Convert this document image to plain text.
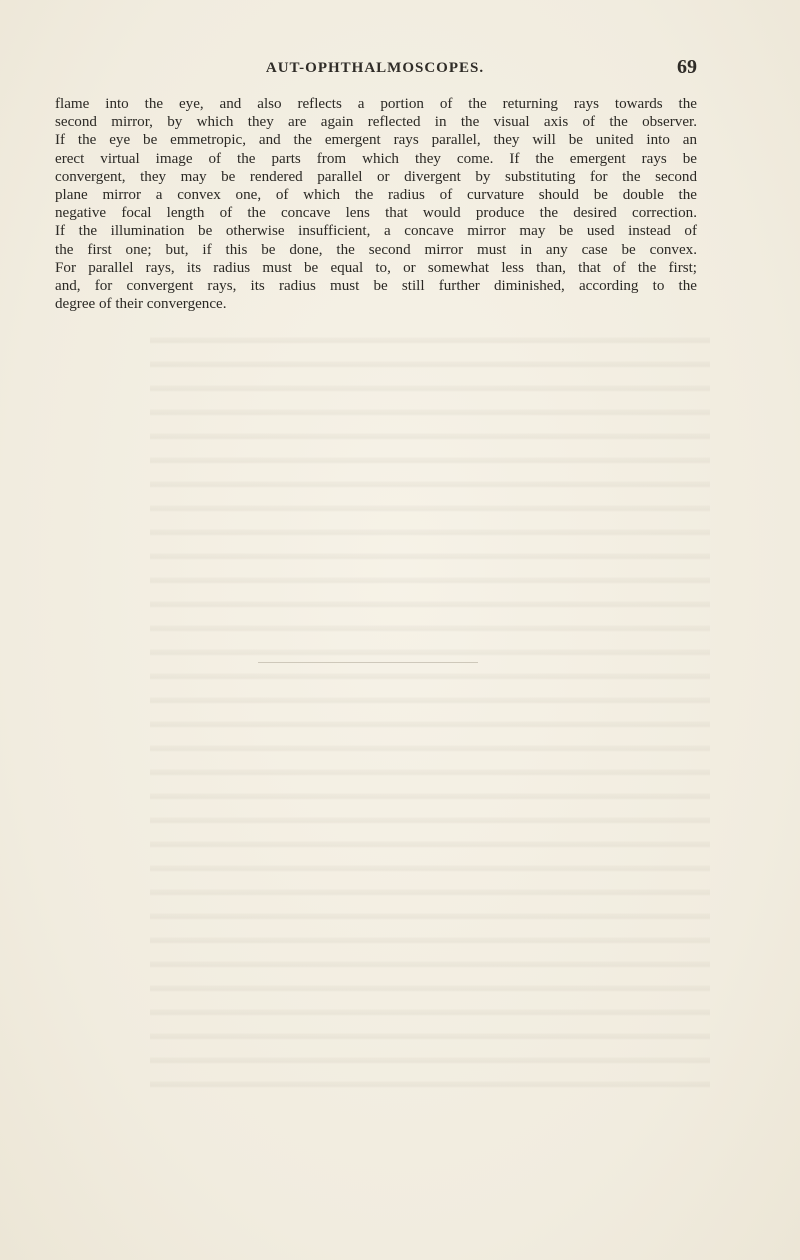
AUT-OPHTHALMOSCOPES.	69
flame into the eye, and also reflects a portion of the returning rays towards the
second mirror, by which they are again reflected in the visual axis of the observer.
If the eye be emmetropic, and the emergent rays parallel, they will be united into an
erect virtual image of the parts from which they come. If the emergent rays be
convergent, they may be rendered parallel or divergent by substituting for the second
plane mirror a convex one, of which the radius of curvature should be double the
negative focal length of the concave lens that would produce the desired correction.
If the illumination be otherwise insufficient, a concave mirror may be used instead of
the first one; but, if this be done, the second mirror must in any case be convex.
For parallel rays, its radius must be equal to, or somewhat less than, that of the first;
and, for convergent rays, its radius must be still further diminished, according to the
degree of their convergence.
